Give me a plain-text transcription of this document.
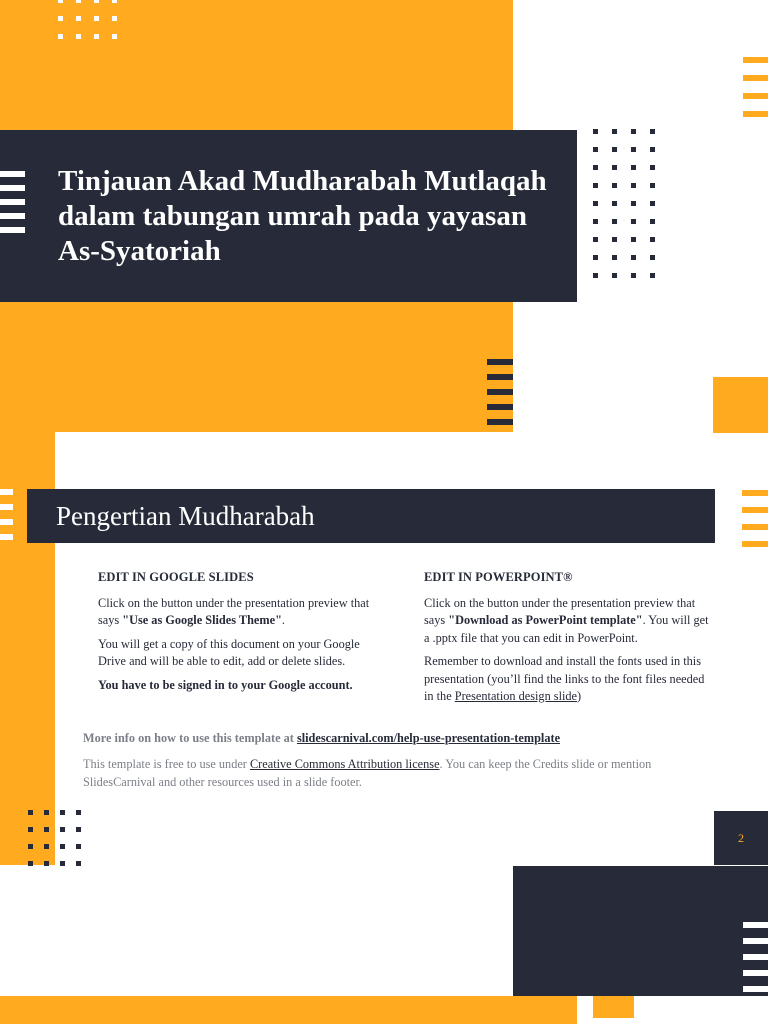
Tinjauan Akad Mudharabah Mutlaqah dalam tabungan umrah pada yayasan As-Syatoriah
Pengertian Mudharabah
EDIT IN GOOGLE SLIDES

Click on the button under the presentation preview that says "Use as Google Slides Theme".

You will get a copy of this document on your Google Drive and will be able to edit, add or delete slides.

You have to be signed in to your Google account.

EDIT IN POWERPOINT®

Click on the button under the presentation preview that says "Download as PowerPoint template". You will get a .pptx file that you can edit in PowerPoint.

Remember to download and install the fonts used in this presentation (you’ll find the links to the font files needed in the Presentation design slide)

More info on how to use this template at slidescarnival.com/help-use-presentation-template
This template is free to use under Creative Commons Attribution license. You can keep the Credits slide or mention SlidesCarnival and other resources used in a slide footer.
2
